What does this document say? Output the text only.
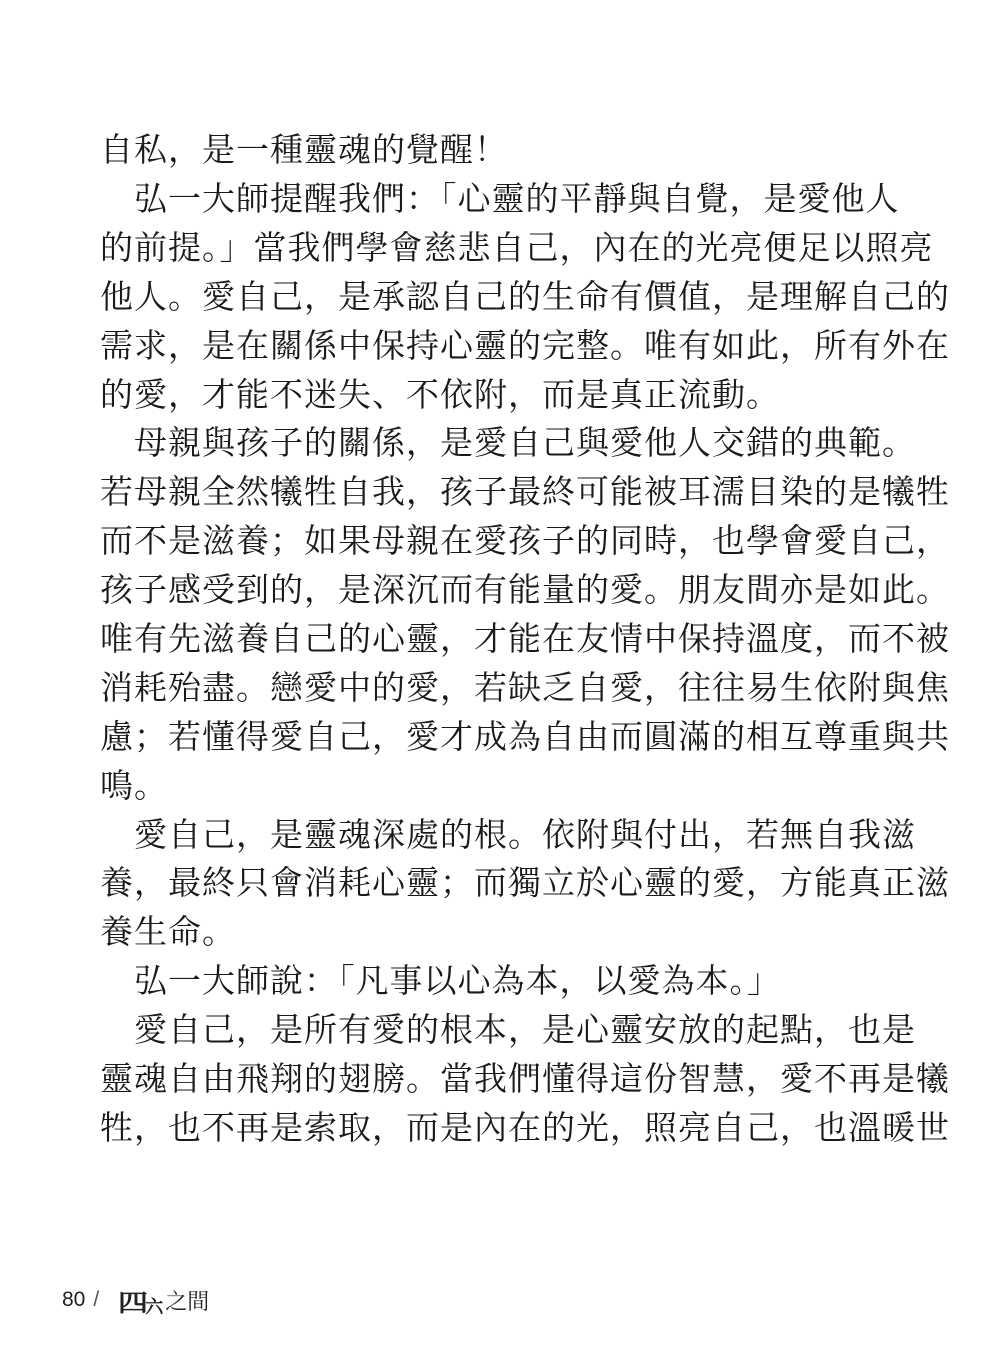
自私，是一種靈魂的覺醒！
　弘一大師提醒我們：「心靈的平靜與自覺，是愛他人
的前提。」當我們學會慈悲自己，內在的光亮便足以照亮
他人。愛自己，是承認自己的生命有價值，是理解自己的
需求，是在關係中保持心靈的完整。唯有如此，所有外在
的愛，才能不迷失、不依附，而是真正流動。
　母親與孩子的關係，是愛自己與愛他人交錯的典範。
若母親全然犧牲自我，孩子最終可能被耳濡目染的是犧牲
而不是滋養；如果母親在愛孩子的同時，也學會愛自己，
孩子感受到的，是深沉而有能量的愛。朋友間亦是如此。
唯有先滋養自己的心靈，才能在友情中保持溫度，而不被
消耗殆盡。戀愛中的愛，若缺乏自愛，往往易生依附與焦
慮；若懂得愛自己，愛才成為自由而圓滿的相互尊重與共
鳴。
　愛自己，是靈魂深處的根。依附與付出，若無自我滋
養，最終只會消耗心靈；而獨立於心靈的愛，方能真正滋
養生命。
　弘一大師說：「凡事以心為本，以愛為本。」
　愛自己，是所有愛的根本，是心靈安放的起點，也是
靈魂自由飛翔的翅膀。當我們懂得這份智慧，愛不再是犧
牲，也不再是索取，而是內在的光，照亮自己，也溫暖世
80 / 四
六 之間
